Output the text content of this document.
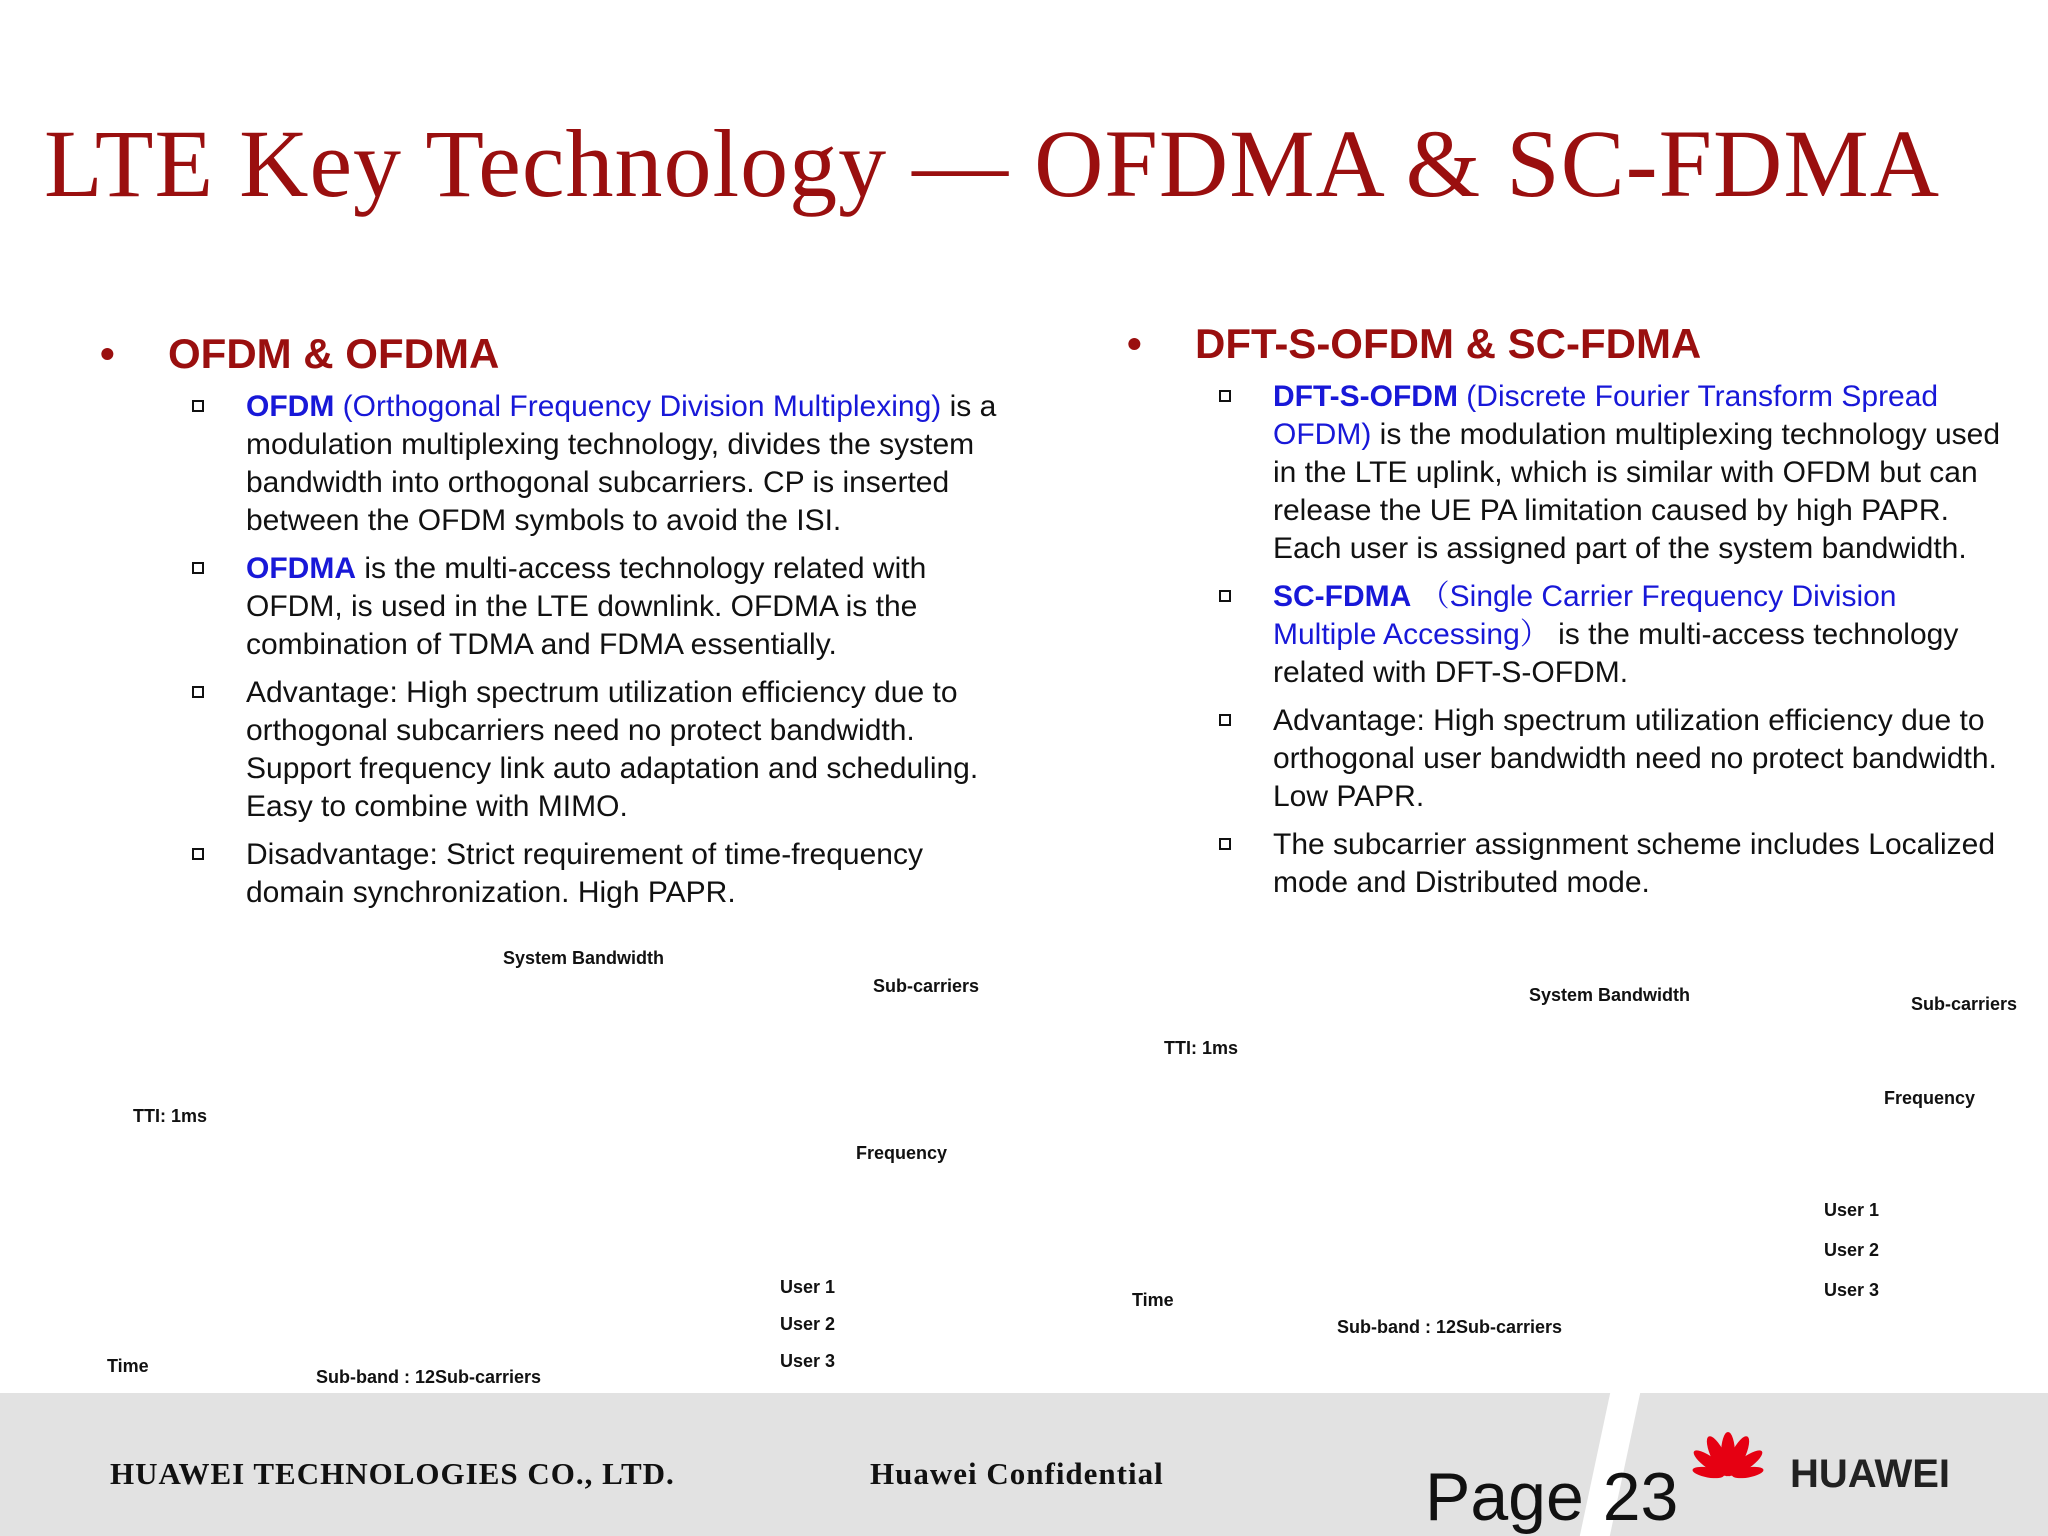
LTE Key Technology — OFDMA & SC-FDMA
•	OFDM & OFDMA
OFDM (Orthogonal Frequency Division Multiplexing) is a modulation multiplexing technology, divides the system bandwidth into orthogonal subcarriers. CP is inserted between the OFDM symbols to avoid the ISI.
OFDMA is the multi-access technology related with OFDM, is used in the LTE downlink. OFDMA is the combination of TDMA and FDMA essentially.
Advantage: High spectrum utilization efficiency due to orthogonal subcarriers need no protect bandwidth. Support frequency link auto adaptation and scheduling. Easy to combine with MIMO.
Disadvantage: Strict requirement of time-frequency domain synchronization. High PAPR.
System Bandwidth
Sub-carriers
TTI: 1ms
Frequency
User 1
User 2
User 3
Time
Sub-band : 12Sub-carriers
•	DFT-S-OFDM & SC-FDMA
DFT-S-OFDM (Discrete Fourier Transform Spread OFDM) is the modulation multiplexing technology used in the LTE uplink, which is similar with OFDM but can release the UE PA limitation caused by high PAPR. Each user is assigned part of the system bandwidth.
SC-FDMA （Single Carrier Frequency Division Multiple Accessing） is the multi-access technology related with DFT-S-OFDM.
Advantage: High spectrum utilization efficiency due to orthogonal user bandwidth need no protect bandwidth. Low PAPR.
The subcarrier assignment scheme includes Localized mode and Distributed mode.
System Bandwidth	Sub-carriers
TTI: 1ms
Frequency
User 1
User 2
User 3
Time
Sub-band : 12Sub-carriers
HUAWEI TECHNOLOGIES CO., LTD.	Huawei Confidential	Page 23	HUAWEI
